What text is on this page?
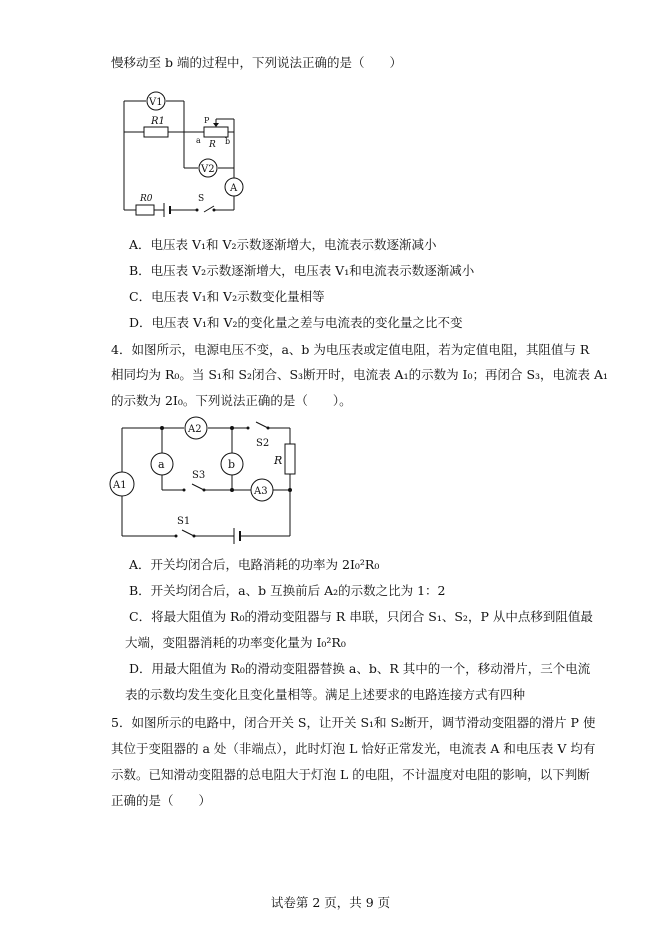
慢移动至 b 端的过程中，下列说法正确的是（　　）
V1
R1	P
R
a	b
V2
A
R0	S
A．电压表 V₁和 V₂示数逐渐增大，电流表示数逐渐减小
B．电压表 V₂示数逐渐增大，电压表 V₁和电流表示数逐渐减小
C．电压表 V₁和 V₂示数变化量相等
D．电压表 V₁和 V₂的变化量之差与电流表的变化量之比不变
4．如图所示，电源电压不变，a、b 为电压表或定值电阻，若为定值电阻，其阻值与 R
相同均为 R₀。当 S₁和 S₂闭合、S₃断开时，电流表 A₁的示数为 I₀；再闭合 S₃，电流表 A₁
的示数为 2I₀。下列说法正确的是（　　）。
A2
A1
A3
a	b
S2
S3
S1
R
A．开关均闭合后，电路消耗的功率为 2I₀²R₀
B．开关均闭合后，a、b 互换前后 A₂的示数之比为 1：2
C．将最大阻值为 R₀的滑动变阻器与 R 串联，只闭合 S₁、S₂，P 从中点移到阻值最
大端，变阻器消耗的功率变化量为 I₀²R₀
D．用最大阻值为 R₀的滑动变阻器替换 a、b、R 其中的一个，移动滑片，三个电流
表的示数均发生变化且变化量相等。满足上述要求的电路连接方式有四种
5．如图所示的电路中，闭合开关 S，让开关 S₁和 S₂断开，调节滑动变阻器的滑片 P 使
其位于变阻器的 a 处（非端点），此时灯泡 L 恰好正常发光，电流表 A 和电压表 V 均有
示数。已知滑动变阻器的总电阻大于灯泡 L 的电阻，不计温度对电阻的影响，以下判断
正确的是（　　）
试卷第 2 页，共 9 页
